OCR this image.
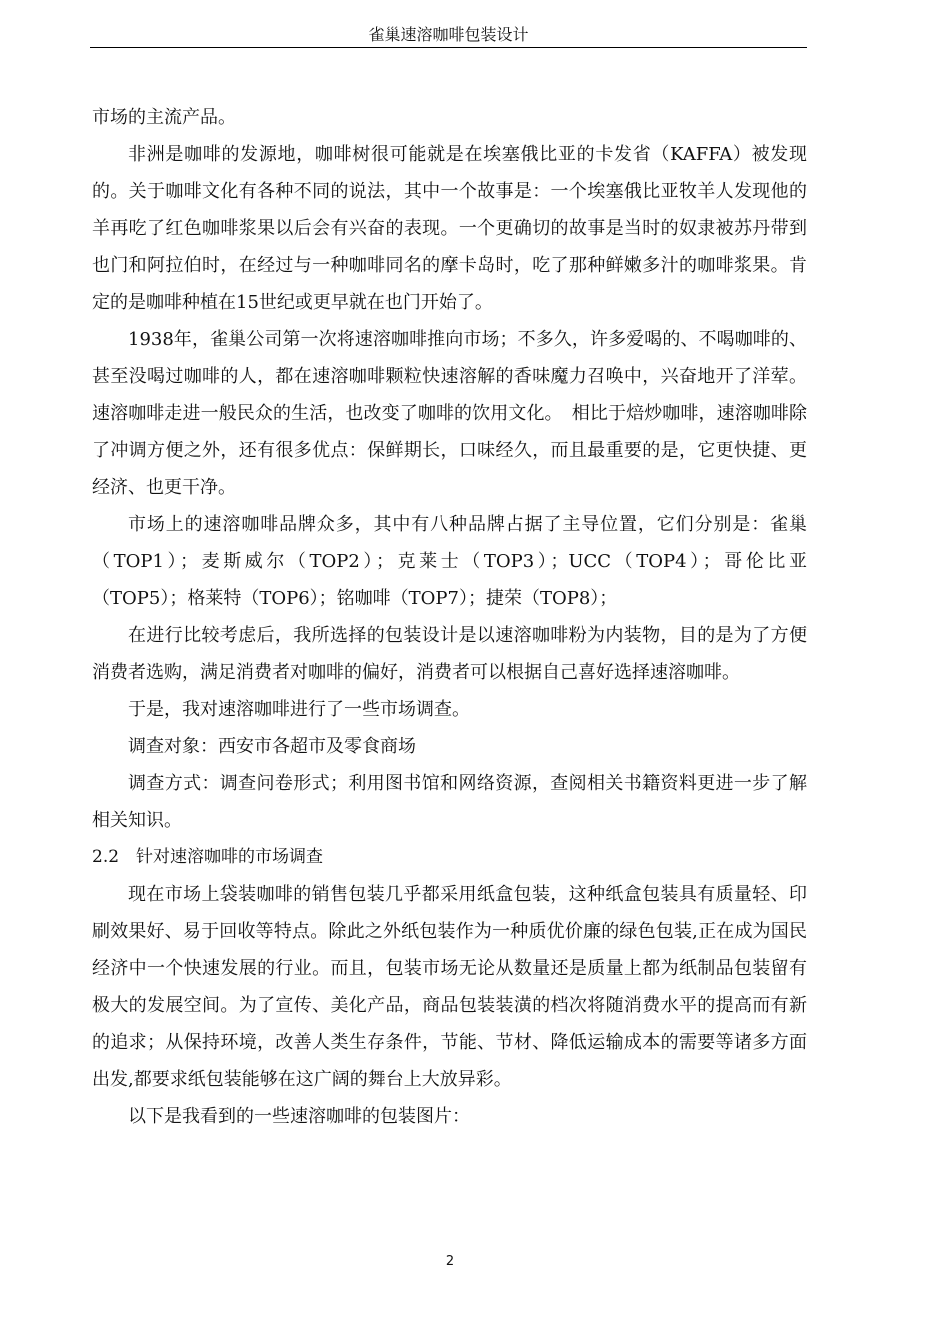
雀巢速溶咖啡包装设计

市场的主流产品。

非洲是咖啡的发源地，咖啡树很可能就是在埃塞俄比亚的卡发省（KAFFA）被发现的。关于咖啡文化有各种不同的说法，其中一个故事是：一个埃塞俄比亚牧羊人发现他的羊再吃了红色咖啡浆果以后会有兴奋的表现。一个更确切的故事是当时的奴隶被苏丹带到也门和阿拉伯时，在经过与一种咖啡同名的摩卡岛时，吃了那种鲜嫩多汁的咖啡浆果。肯定的是咖啡种植在15世纪或更早就在也门开始了。

1938年，雀巢公司第一次将速溶咖啡推向市场；不多久，许多爱喝的、不喝咖啡的、甚至没喝过咖啡的人，都在速溶咖啡颗粒快速溶解的香味魔力召唤中，兴奋地开了洋荤。速溶咖啡走进一般民众的生活，也改变了咖啡的饮用文化。　相比于焙炒咖啡，速溶咖啡除了冲调方便之外，还有很多优点：保鲜期长，口味经久，而且最重要的是，它更快捷、更经济、也更干净。

市场上的速溶咖啡品牌众多，其中有八种品牌占据了主导位置，它们分别是：雀巢（TOP1）；麦斯威尔（TOP2）；克莱士（TOP3）；UCC（TOP4）；哥伦比亚（TOP5）；格莱特（TOP6）；铭咖啡（TOP7）；捷荣（TOP8）；

在进行比较考虑后，我所选择的包装设计是以速溶咖啡粉为内装物，目的是为了方便消费者选购，满足消费者对咖啡的偏好，消费者可以根据自己喜好选择速溶咖啡。

于是，我对速溶咖啡进行了一些市场调查。

调查对象：西安市各超市及零食商场

调查方式：调查问卷形式；利用图书馆和网络资源，查阅相关书籍资料更进一步了解相关知识。

2.2　针对速溶咖啡的市场调查

现在市场上袋装咖啡的销售包装几乎都采用纸盒包装，这种纸盒包装具有质量轻、印刷效果好、易于回收等特点。除此之外纸包装作为一种质优价廉的绿色包装,正在成为国民经济中一个快速发展的行业。而且，包装市场无论从数量还是质量上都为纸制品包装留有极大的发展空间。为了宣传、美化产品，商品包装装潢的档次将随消费水平的提高而有新的追求；从保持环境，改善人类生存条件，节能、节材、降低运输成本的需要等诸多方面出发,都要求纸包装能够在这广阔的舞台上大放异彩。

以下是我看到的一些速溶咖啡的包装图片：

2
